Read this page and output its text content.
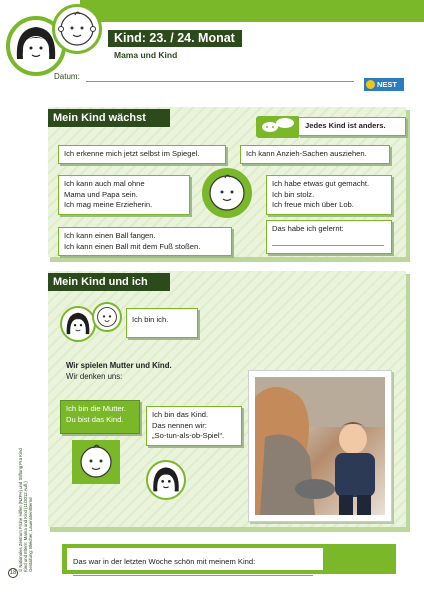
Kind: 23. / 24. Monat
Mama und Kind
Datum:
NEST
Mein Kind wächst
Jedes Kind ist anders.
Ich erkenne mich jetzt selbst im Spiegel.	Ich kann Anzieh-Sachen ausziehen.
Ich kann auch mal ohne
Mama und Papa sein.
Ich mag meine Erzieherin.
Ich habe etwas gut gemacht.
Ich bin stolz.
Ich freue mich über Lob.
Ich kann einen Ball fangen.
Ich kann einen Ball mit dem Fuß stoßen.
Das habe ich gelernt:
Mein Kind und ich
Ich bin ich.
Wir spielen Mutter und Kind.
Wir denken uns:
Ich bin die Mutter.
Du bist das Kind.	Ich bin das Kind.
Das nennen wir:
„So-tun-als-ob-Spiel“.
Das war in der letzten Woche schön mit meinem Kind:
© Nationales Zentrum Frühe Hilfen (NZFH) und Stiftung Pro Kind Kind und Eltern: Mama und Kind (11/2012 Aufl.) Gestaltung: Bleicher, Lauenstein/Bernd
18
